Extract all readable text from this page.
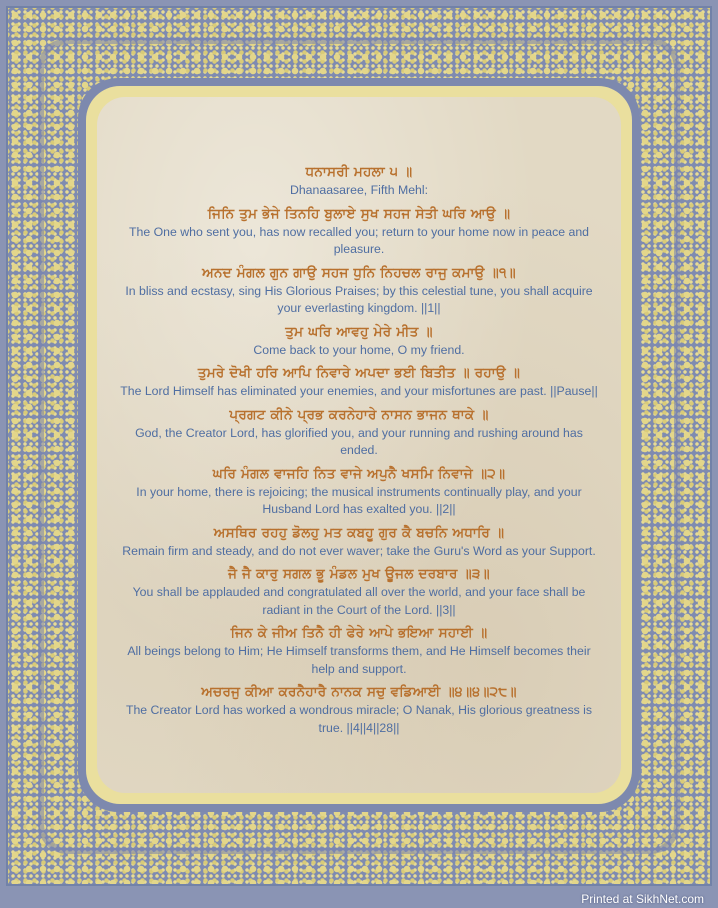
ਧਨਾਸਰੀ ਮਹਲਾ ੫ ॥
Dhanaasaree, Fifth Mehl:
ਜਿਨਿ ਤੁਮ ਭੇਜੇ ਤਿਨਹਿ ਬੁਲਾਏ ਸੁਖ ਸਹਜ ਸੇਤੀ ਘਰਿ ਆਉ ॥
The One who sent you, has now recalled you; return to your home now in peace and pleasure.
ਅਨਦ ਮੰਗਲ ਗੁਨ ਗਾਉ ਸਹਜ ਧੁਨਿ ਨਿਹਚਲ ਰਾਜੁ ਕਮਾਉ ॥੧॥
In bliss and ecstasy, sing His Glorious Praises; by this celestial tune, you shall acquire your everlasting kingdom. ||1||
ਤੁਮ ਘਰਿ ਆਵਹੁ ਮੇਰੇ ਮੀਤ ॥
Come back to your home, O my friend.
ਤੁਮਰੇ ਦੋਖੀ ਹਰਿ ਆਪਿ ਨਿਵਾਰੇ ਅਪਦਾ ਭਈ ਬਿਤੀਤ ॥ ਰਹਾਉ ॥
The Lord Himself has eliminated your enemies, and your misfortunes are past. ||Pause||
ਪ੍ਰਗਟ ਕੀਨੇ ਪ੍ਰਭ ਕਰਨੇਹਾਰੇ ਨਾਸਨ ਭਾਜਨ ਥਾਕੇ ॥
God, the Creator Lord, has glorified you, and your running and rushing around has ended.
ਘਰਿ ਮੰਗਲ ਵਾਜਹਿ ਨਿਤ ਵਾਜੇ ਅਪੁਨੈ ਖਸਮਿ ਨਿਵਾਜੇ ॥੨॥
In your home, there is rejoicing; the musical instruments continually play, and your Husband Lord has exalted you. ||2||
ਅਸਥਿਰ ਰਹਹੁ ਡੋਲਹੁ ਮਤ ਕਬਹੂ ਗੁਰ ਕੈ ਬਚਨਿ ਅਧਾਰਿ ॥
Remain firm and steady, and do not ever waver; take the Guru's Word as your Support.
ਜੈ ਜੈ ਕਾਰੁ ਸਗਲ ਭੂ ਮੰਡਲ ਮੁਖ ਊਜਲ ਦਰਬਾਰ ॥੩॥
You shall be applauded and congratulated all over the world, and your face shall be radiant in the Court of the Lord. ||3||
ਜਿਨ ਕੇ ਜੀਅ ਤਿਨੈ ਹੀ ਫੇਰੇ ਆਪੇ ਭਇਆ ਸਹਾਈ ॥
All beings belong to Him; He Himself transforms them, and He Himself becomes their help and support.
ਅਚਰਜੁ ਕੀਆ ਕਰਨੈਹਾਰੈ ਨਾਨਕ ਸਚੁ ਵਡਿਆਈ ॥੪॥੪॥੨੮॥
The Creator Lord has worked a wondrous miracle; O Nanak, His glorious greatness is true. ||4||4||28||
Printed at SikhNet.com
